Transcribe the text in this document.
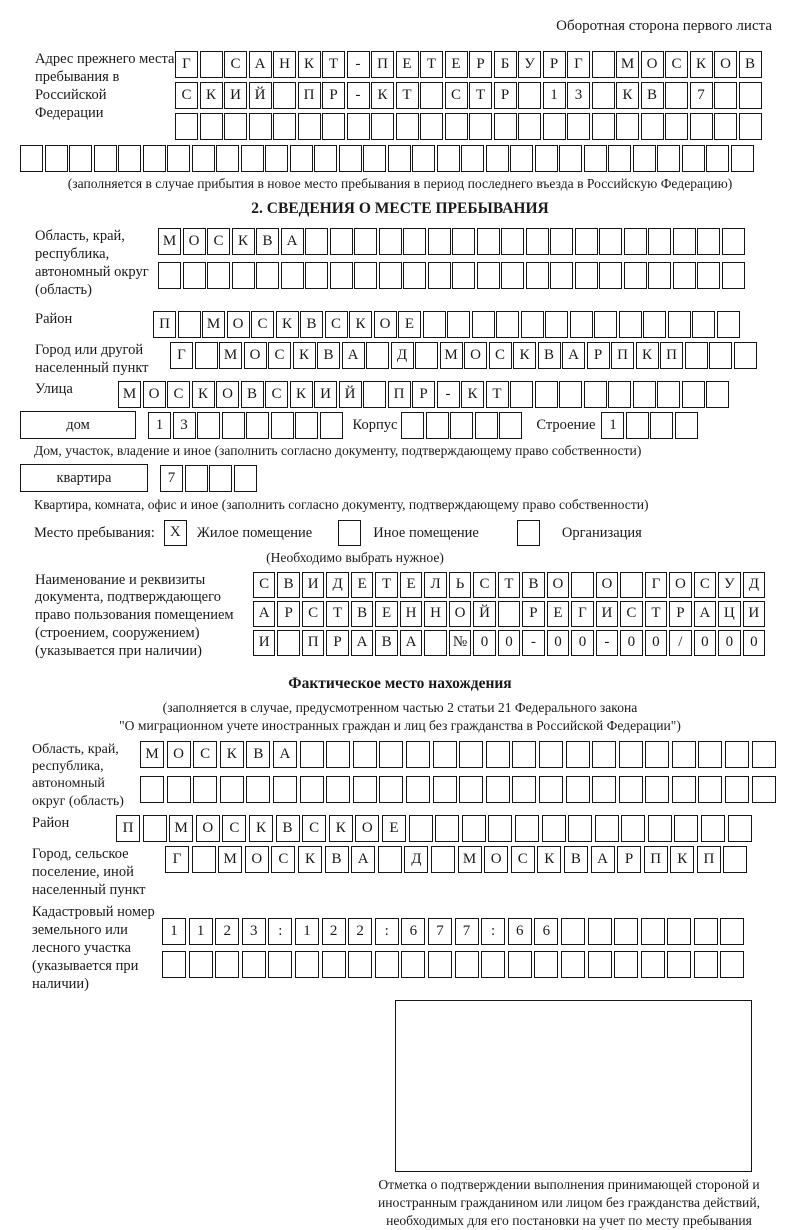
Оборотная сторона первого листа
Адрес прежнего места пребывания в Российской Федерации
Г	С А Н К Т	-	П Е	Т	Е	Р	Б У	Р	Г	М О С К О В
С К И Й	П Р	-	К Т	С Т	Р	1	3	К В	7
(заполняется в случае прибытия в новое место пребывания в период последнего въезда в Российскую Федерацию)
2. СВЕДЕНИЯ О МЕСТЕ ПРЕБЫВАНИЯ
Область, край, республика, автономный округ (область)
М О С К В А
Район	П	М О С К В С К О Е
Город или другой населенный пункт
Г	М О С К В А	Д	М О С К В А Р П К П
Улица	М О С К О В С К И Й	П Р	-	К Т
дом	1	3	Корпус	Строение 1
Дом, участок, владение и иное (заполнить согласно документу, подтверждающему право собственности)
квартира	7
Квартира, комната, офис и иное (заполнить согласно документу, подтверждающему право собственности)
Место пребывания:	X	Жилое помещение	Иное помещение	Организация
(Необходимо выбрать нужное)
Наименование и реквизиты документа, подтверждающего право пользования помещением (строением, сооружением) (указывается при наличии)
С В И Д Е	Т	Е Л	Ь	С Т В О	О	Г О С У Д
А Р	С Т В Е Н Н О Й	Р	Е	Г И С Т	Р А Ц И
И	П Р А В А	№ 0	0	-	0	0	-	0	0	/	0	0	0
Фактическое место нахождения
(заполняется в случае, предусмотренном частью 2 статьи 21 Федерального закона
"О миграционном учете иностранных граждан и лиц без гражданства в Российской Федерации")
Область, край, республика, автономный округ (область)
М О	С	К	В	А
Район	П	М О	С	К	В	С	К	О	Е
Город, сельское поселение, иной населенный пункт
Г	М О	С	К	В	А	Д	М О	С	К	В	А	Р	П	К	П
Кадастровый номер земельного или лесного участка (указывается при наличии)
1	1	2	3	:	1	2	2	:	6	7	7	:	6	6
Отметка о подтверждении выполнения принимающей стороной и иностранным гражданином или лицом без гражданства действий, необходимых для его постановки на учет по месту пребывания
